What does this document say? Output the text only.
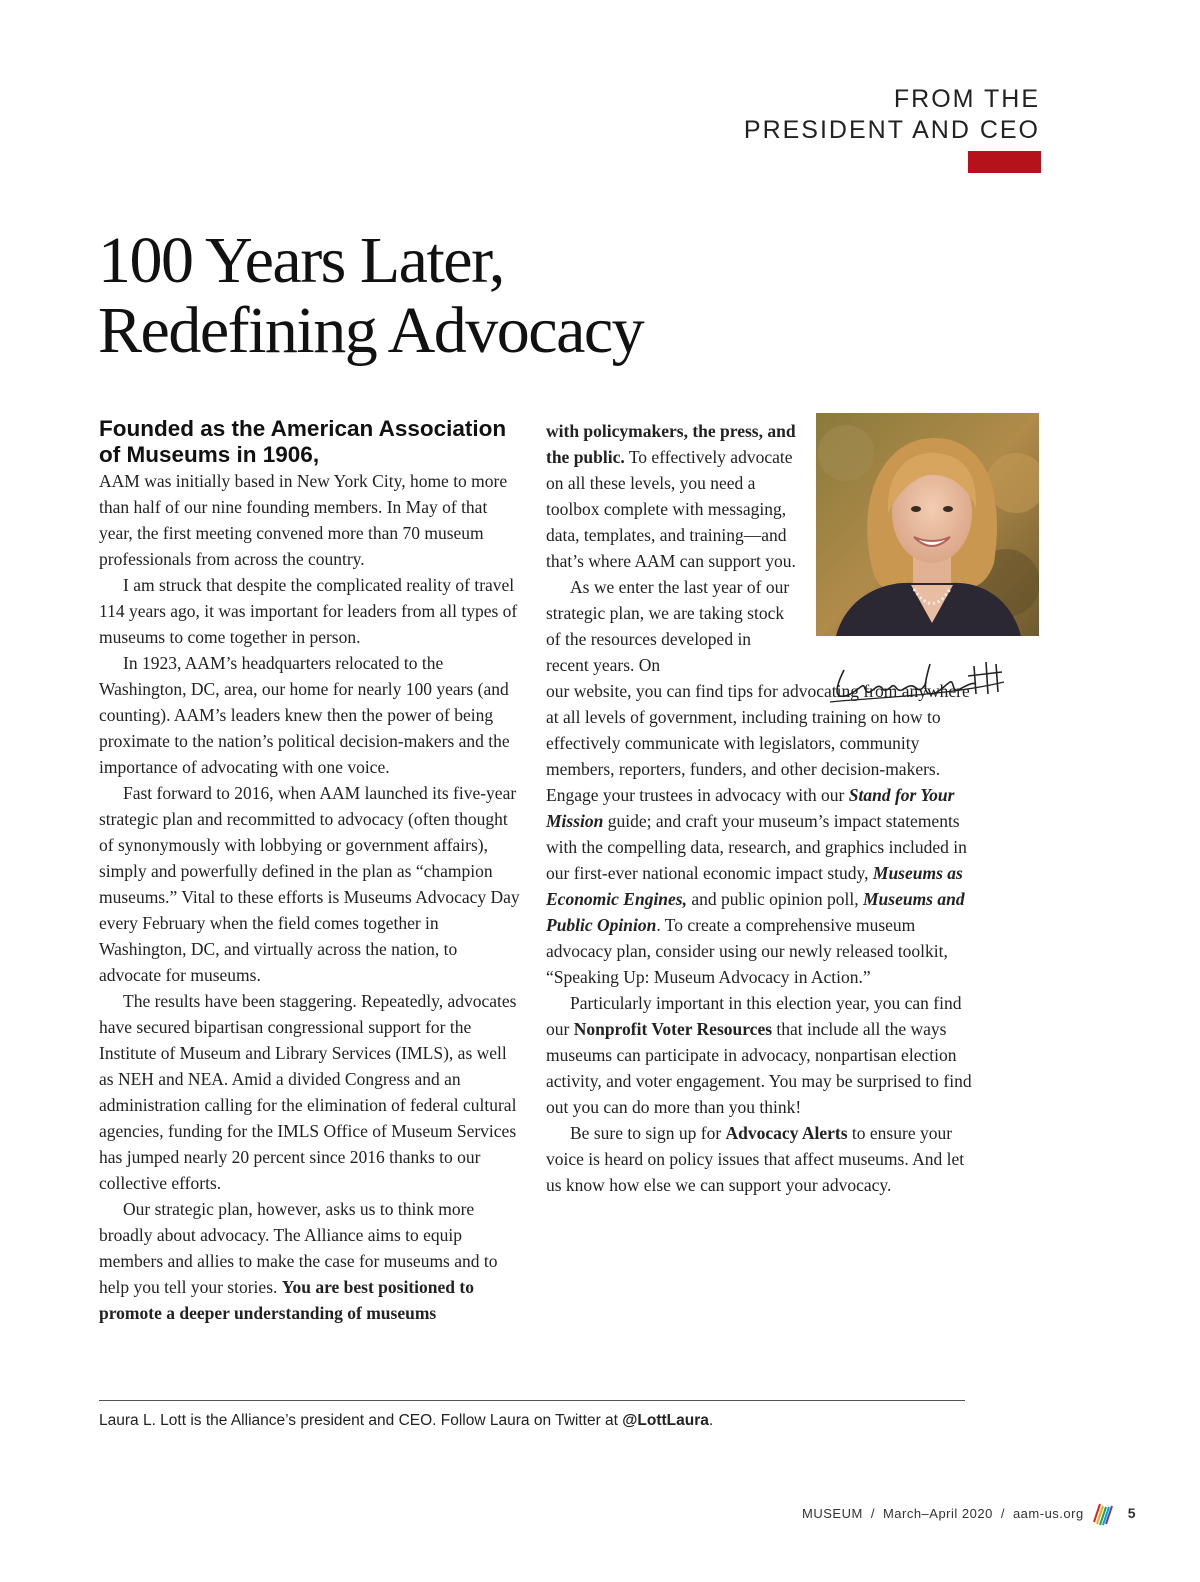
FROM THE
PRESIDENT AND CEO
100 Years Later,
Redefining Advocacy

Founded as the American Association of Museums in 1906,
AAM was initially based in New York City, home to more than half of our nine founding members. In May of that year, the first meeting convened more than 70 museum professionals from across the country.

I am struck that despite the complicated reality of travel 114 years ago, it was important for leaders from all types of museums to come together in person.

In 1923, AAM’s headquarters relocated to the Washington, DC, area, our home for nearly 100 years (and counting). AAM’s leaders knew then the power of being proximate to the nation’s political decision-makers and the importance of advocating with one voice.

Fast forward to 2016, when AAM launched its five-year strategic plan and recommitted to advocacy (often thought of synonymously with lobbying or government affairs), simply and powerfully defined in the plan as “champion museums.” Vital to these efforts is Museums Advocacy Day every February when the field comes together in Washington, DC, and virtually across the nation, to advocate for museums.

The results have been staggering. Repeatedly, advocates have secured bipartisan congressional support for the Institute of Museum and Library Services (IMLS), as well as NEH and NEA. Amid a divided Congress and an administration calling for the elimination of federal cultural agencies, funding for the IMLS Office of Museum Services has jumped nearly 20 percent since 2016 thanks to our collective efforts.

Our strategic plan, however, asks us to think more broadly about advocacy. The Alliance aims to equip members and allies to make the case for museums and to help you tell your stories. You are best positioned to promote a deeper understanding of museums

with policymakers, the press, and the public. To effectively advocate on all these levels, you need a toolbox complete with messaging, data, templates, and training—and that’s where AAM can support you.

As we enter the last year of our strategic plan, we are taking stock of the resources developed in recent years. On

our website, you can find tips for advocating from anywhere at all levels of government, including training on how to effectively communicate with legislators, community members, reporters, funders, and other decision-makers. Engage your trustees in advocacy with our Stand for Your Mission guide; and craft your museum’s impact statements with the compelling data, research, and graphics included in our first-ever national economic impact study, Museums as Economic Engines, and public opinion poll, Museums and Public Opinion. To create a comprehensive museum advocacy plan, consider using our newly released toolkit, “Speaking Up: Museum Advocacy in Action.”

Particularly important in this election year, you can find our Nonprofit Voter Resources that include all the ways museums can participate in advocacy, nonpartisan election activity, and voter engagement. You may be surprised to find out you can do more than you think!

Be sure to sign up for Advocacy Alerts to ensure your voice is heard on policy issues that affect museums. And let us know how else we can support your advocacy.

Laura L. Lott is the Alliance’s president and CEO. Follow Laura on Twitter at @LottLaura.
MUSEUM / March–April 2020 / aam-us.org	5
